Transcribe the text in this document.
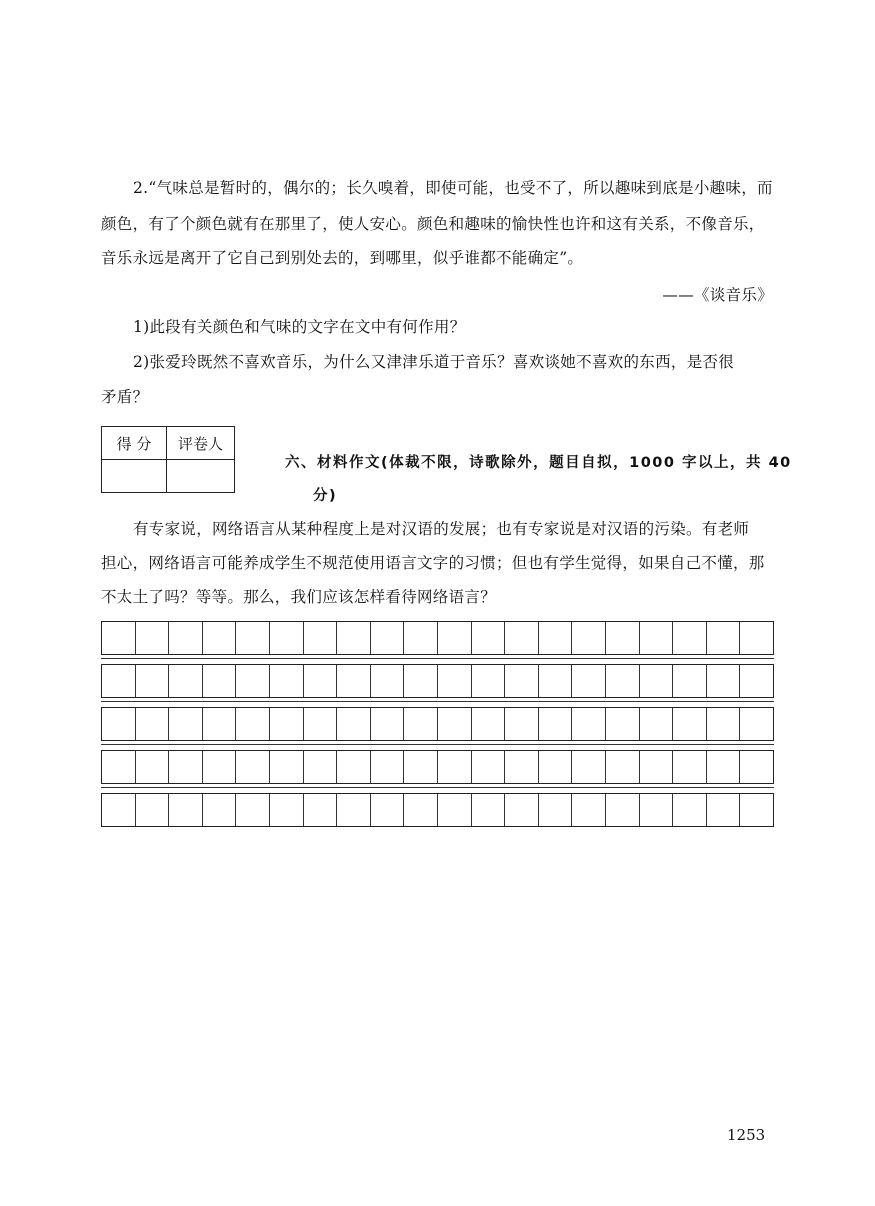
2.“气味总是暂时的，偶尔的；长久嗅着，即使可能，也受不了，所以趣味到底是小趣味，而
颜色，有了个颜色就有在那里了，使人安心。颜色和趣味的愉快性也许和这有关系，不像音乐，
音乐永远是离开了它自己到别处去的，到哪里，似乎谁都不能确定”。
——《谈音乐》
1)此段有关颜色和气味的文字在文中有何作用？
2)张爱玲既然不喜欢音乐，为什么又津津乐道于音乐？喜欢谈她不喜欢的东西，是否很
矛盾？
得 分	评卷人

六、材料作文(体裁不限，诗歌除外，题目自拟，1000 字以上，共 40
分)
有专家说，网络语言从某种程度上是对汉语的发展；也有专家说是对汉语的污染。有老师
担心，网络语言可能养成学生不规范使用语言文字的习惯；但也有学生觉得，如果自己不懂，那
不太土了吗？等等。那么，我们应该怎样看待网络语言？
1253
